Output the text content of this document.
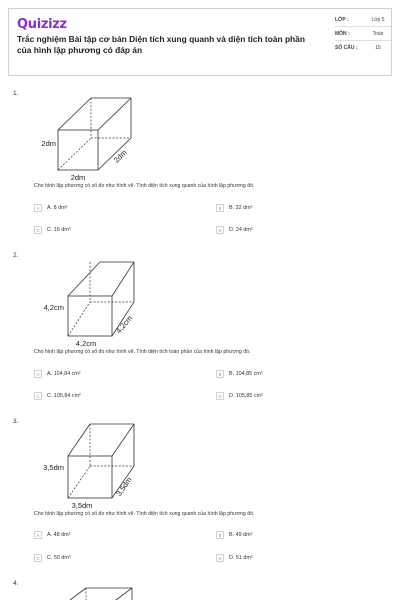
Quizizz
Trắc nghiệm Bài tập cơ bản Diện tích xung quanh và diện tích toàn phần của hình lập phương có đáp án
LỚP :	Lớp 5
MÔN :	Toán
SỐ CÂU :	15
1.
2dm
2dm
2dm
Cho hình lập phương có số đo như hình vẽ. Tính diện tích xung quanh của hình lập phương đó.
A	A. 8 dm²	B	B. 32 dm²
C	C. 16 dm²	D	D. 24 dm²
2.
4,2cm
4,2cm
4,2cm
Cho hình lập phương có số đo như hình vẽ. Tính diện tích toàn phần của hình lập phương đó.
A	A. 104,84 cm²	B	B. 104,85 cm²
C	C. 105,84 cm²	D	D. 105,85 cm²
3.
3,5dm
3,5dm
3,5dm
Cho hình lập phương có số đo như hình vẽ. Tính diện tích xung quanh của hình lập phương đó.
A	A. 48 dm²	B	B. 49 dm²
C	C. 50 dm²	D	D. 51 dm²
4.
